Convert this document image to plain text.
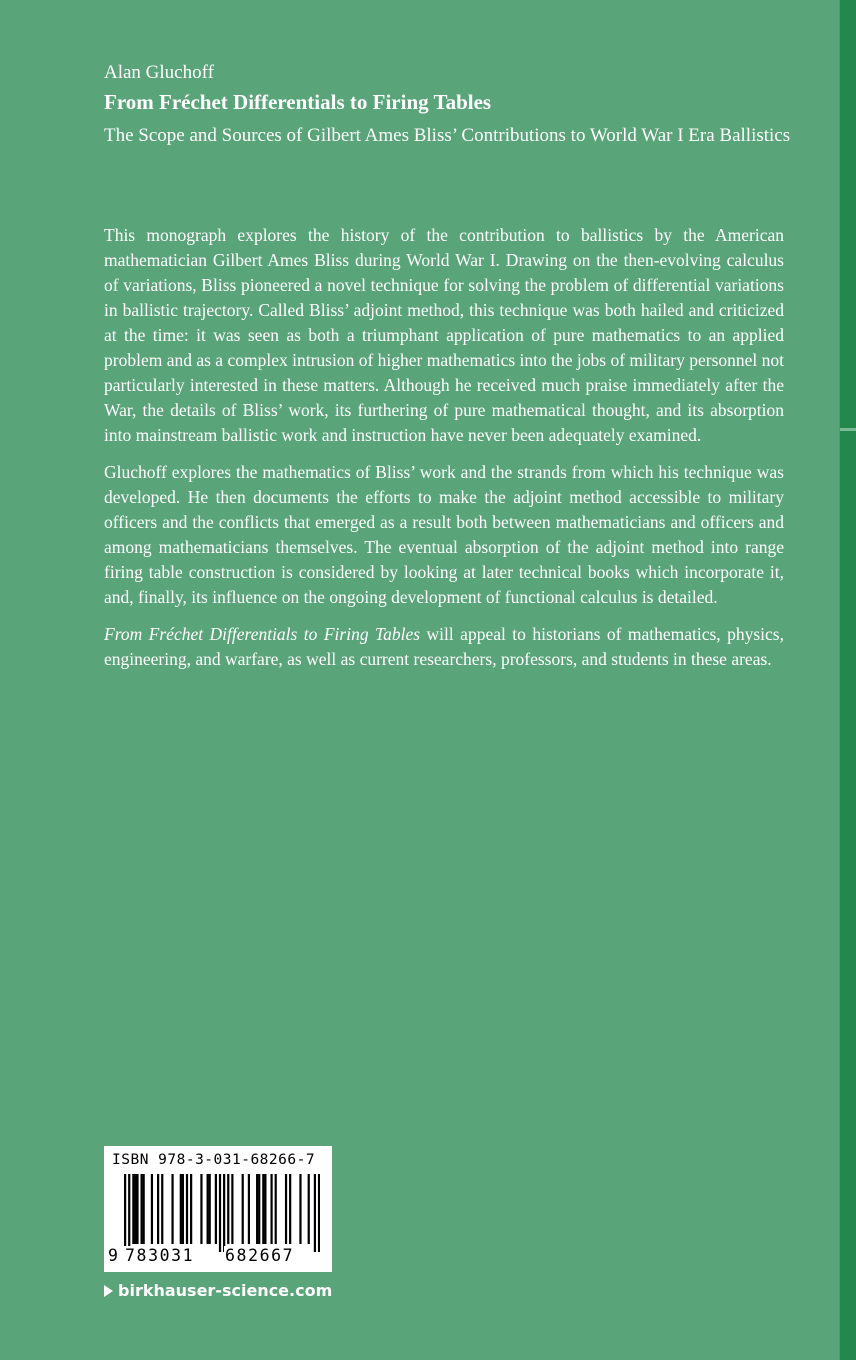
Alan Gluchoff

From Fréchet Differentials to Firing Tables

The Scope and Sources of Gilbert Ames Bliss’ Contributions to World War I Era Ballistics

This monograph explores the history of the contribution to ballistics by the American mathematician Gilbert Ames Bliss during World War I. Drawing on the then-evolving calculus of variations, Bliss pioneered a novel technique for solving the problem of differential variations in ballistic trajectory. Called Bliss’ adjoint method, this technique was both hailed and criticized at the time: it was seen as both a triumphant application of pure mathematics to an applied problem and as a complex intrusion of higher mathematics into the jobs of military personnel not particularly interested in these matters. Although he received much praise immediately after the War, the details of Bliss’ work, its furthering of pure mathematical thought, and its absorption into mainstream ballistic work and instruction have never been adequately examined.

Gluchoff explores the mathematics of Bliss’ work and the strands from which his technique was developed. He then documents the efforts to make the adjoint method accessible to military officers and the conflicts that emerged as a result both between mathematicians and officers and among mathematicians themselves. The eventual absorption of the adjoint method into range firing table construction is considered by looking at later technical books which incorporate it, and, finally, its influence on the ongoing development of functional calculus is detailed.

From Fréchet Differentials to Firing Tables will appeal to historians of mathematics, physics, engineering, and warfare, as well as current researchers, professors, and students in these areas.

ISBN 978-3-031-68266-7
9 783031 682667
birkhauser-science.com
